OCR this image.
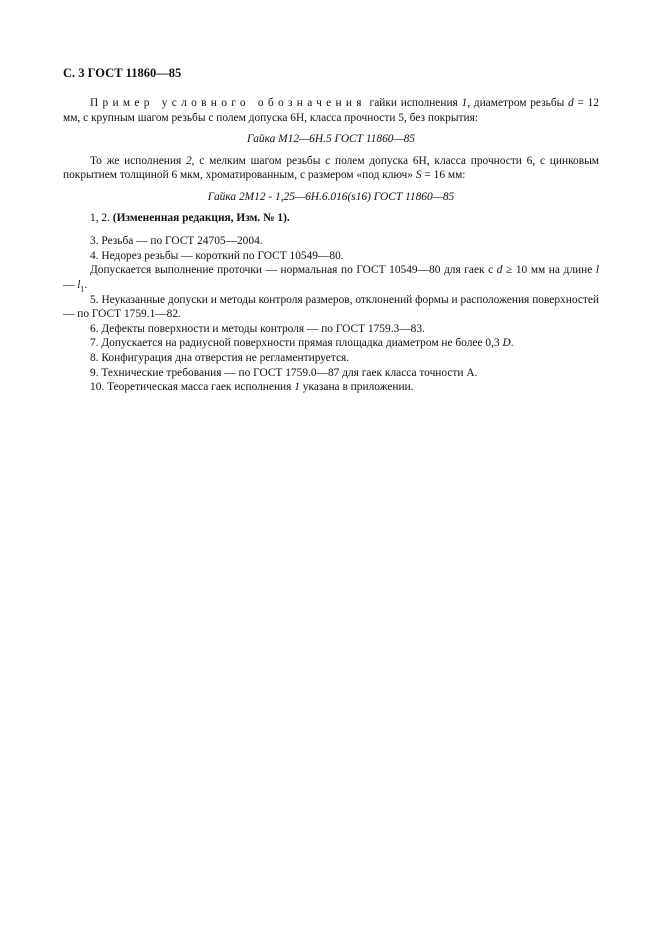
С. 3 ГОСТ 11860—85

Пример условного обозначения гайки исполнения 1, диаметром резьбы d = 12 мм, с крупным шагом резьбы с полем допуска 6Н, класса прочности 5, без покрытия:

Гайка М12—6Н.5 ГОСТ 11860—85

То же исполнения 2, с мелким шагом резьбы с полем допуска 6Н, класса прочности 6, с цинковым покрытием толщиной 6 мкм, хроматированным, с размером «под ключ» S = 16 мм:

Гайка 2М12 - 1,25—6Н.6.016(s16) ГОСТ 11860—85

1, 2. (Измененная редакция, Изм. № 1).

3. Резьба — по ГОСТ 24705—2004.

4. Недорез резьбы — короткий по ГОСТ 10549—80.

Допускается выполнение проточки — нормальная по ГОСТ 10549—80 для гаек с d ≥ 10 мм на длине l — $l_1$.

5. Неуказанные допуски и методы контроля размеров, отклонений формы и расположения поверхностей — по ГОСТ 1759.1—82.

6. Дефекты поверхности и методы контроля — по ГОСТ 1759.3—83.

7. Допускается на радиусной поверхности прямая площадка диаметром не более 0,3 D.

8. Конфигурация дна отверстия не регламентируется.

9. Технические требования — по ГОСТ 1759.0—87 для гаек класса точности А.

10. Теоретическая масса гаек исполнения 1 указана в приложении.
